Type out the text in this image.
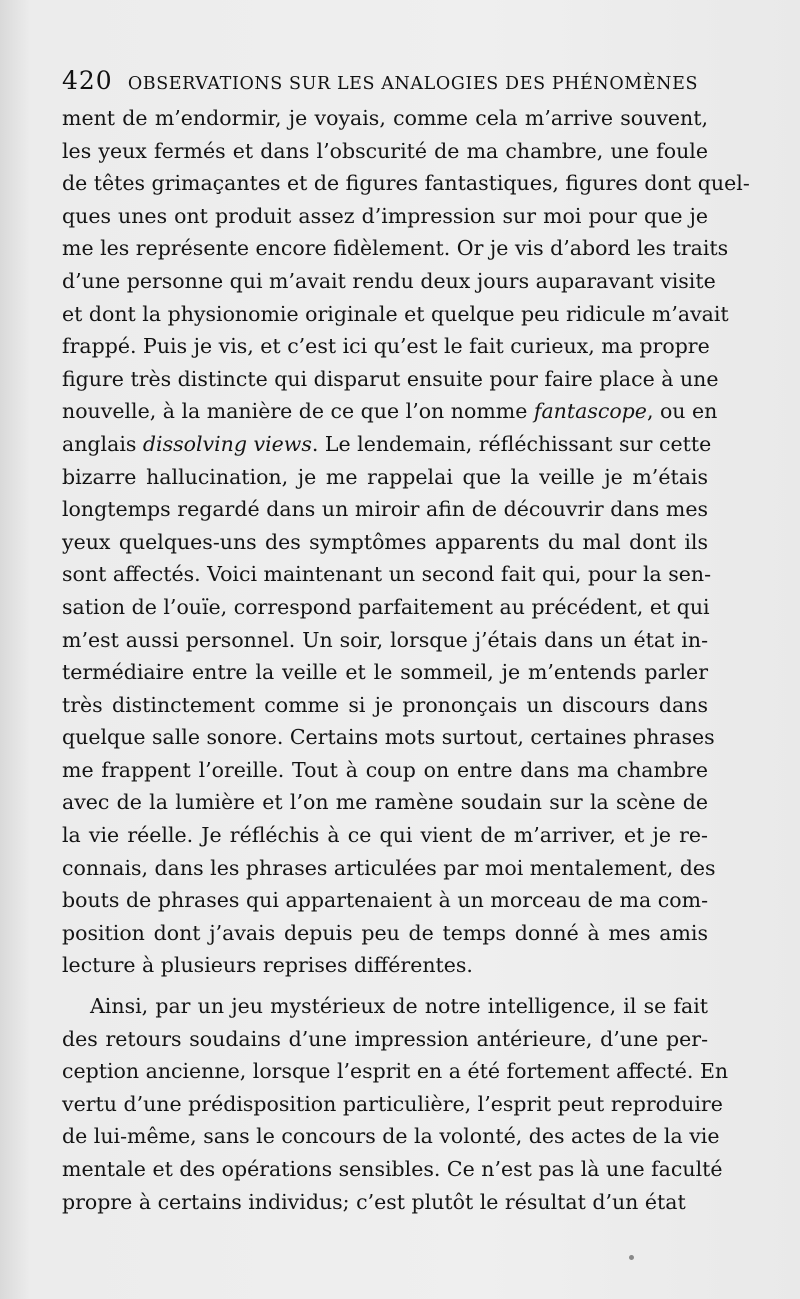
420 OBSERVATIONS SUR LES ANALOGIES DES PHÉNOMÈNES
ment de m’endormir, je voyais, comme cela m’arrive souvent,
les yeux fermés et dans l’obscurité de ma chambre, une foule
de têtes grimaçantes et de figures fantastiques, figures dont quel-
ques unes ont produit assez d’impression sur moi pour que je
me les représente encore fidèlement. Or je vis d’abord les traits
d’une personne qui m’avait rendu deux jours auparavant visite
et dont la physionomie originale et quelque peu ridicule m’avait
frappé. Puis je vis, et c’est ici qu’est le fait curieux, ma propre
figure très distincte qui disparut ensuite pour faire place à une
nouvelle, à la manière de ce que l’on nomme fantascope, ou en
anglais dissolving views. Le lendemain, réfléchissant sur cette
bizarre hallucination, je me rappelai que la veille je m’étais
longtemps regardé dans un miroir afin de découvrir dans mes
yeux quelques-uns des symptômes apparents du mal dont ils
sont affectés. Voici maintenant un second fait qui, pour la sen-
sation de l’ouïe, correspond parfaitement au précédent, et qui
m’est aussi personnel. Un soir, lorsque j’étais dans un état in-
termédiaire entre la veille et le sommeil, je m’entends parler
très distinctement comme si je prononçais un discours dans
quelque salle sonore. Certains mots surtout, certaines phrases
me frappent l’oreille. Tout à coup on entre dans ma chambre
avec de la lumière et l’on me ramène soudain sur la scène de
la vie réelle. Je réfléchis à ce qui vient de m’arriver, et je re-
connais, dans les phrases articulées par moi mentalement, des
bouts de phrases qui appartenaient à un morceau de ma com-
position dont j’avais depuis peu de temps donné à mes amis
lecture à plusieurs reprises différentes.
Ainsi, par un jeu mystérieux de notre intelligence, il se fait
des retours soudains d’une impression antérieure, d’une per-
ception ancienne, lorsque l’esprit en a été fortement affecté. En
vertu d’une prédisposition particulière, l’esprit peut reproduire
de lui-même, sans le concours de la volonté, des actes de la vie
mentale et des opérations sensibles. Ce n’est pas là une faculté
propre à certains individus; c’est plutôt le résultat d’un état
